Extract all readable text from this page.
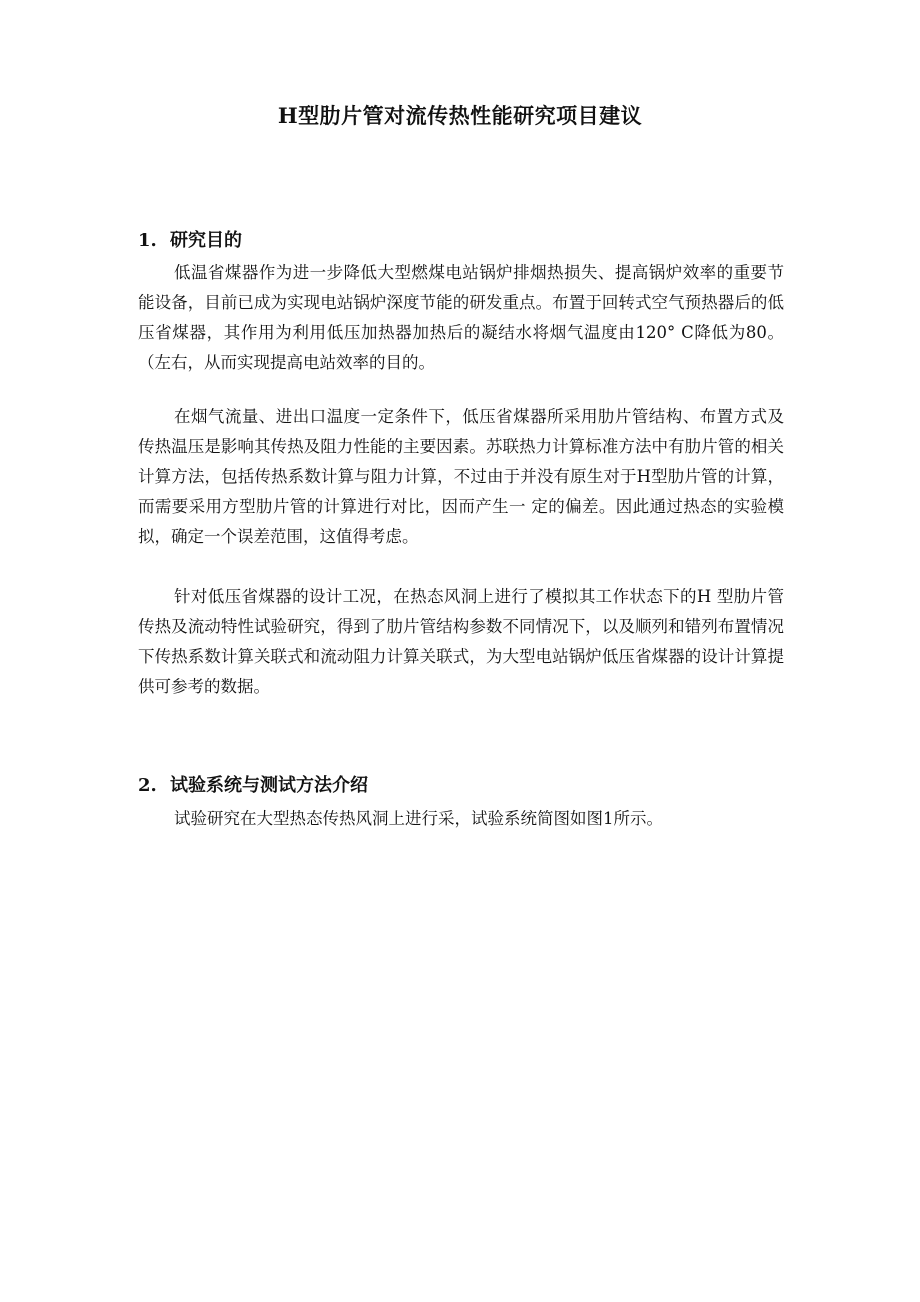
H型肋片管对流传热性能研究项目建议
1. 研究目的

低温省煤器作为进一步降低大型燃煤电站锅炉排烟热损失、提高锅炉效率的重要节能设备，目前已成为实现电站锅炉深度节能的研发重点。布置于回转式空气预热器后的低压省煤器，其作用为利用低压加热器加热后的凝结水将烟气温度由120° C降低为80。（左右，从而实现提高电站效率的目的。

在烟气流量、进出口温度一定条件下，低压省煤器所采用肋片管结构、布置方式及传热温压是影响其传热及阻力性能的主要因素。苏联热力计算标准方法中有肋片管的相关计算方法，包括传热系数计算与阻力计算，不过由于并没有原生对于H型肋片管的计算，而需要采用方型肋片管的计算进行对比，因而产生一 定的偏差。因此通过热态的实验模拟，确定一个误差范围，这值得考虑。

针对低压省煤器的设计工况，在热态风洞上进行了模拟其工作状态下的H 型肋片管传热及流动特性试验研究，得到了肋片管结构参数不同情况下，以及顺列和错列布置情况下传热系数计算关联式和流动阻力计算关联式，为大型电站锅炉低压省煤器的设计计算提供可参考的数据。

2. 试验系统与测试方法介绍

试验研究在大型热态传热风洞上进行采，试验系统简图如图1所示。
